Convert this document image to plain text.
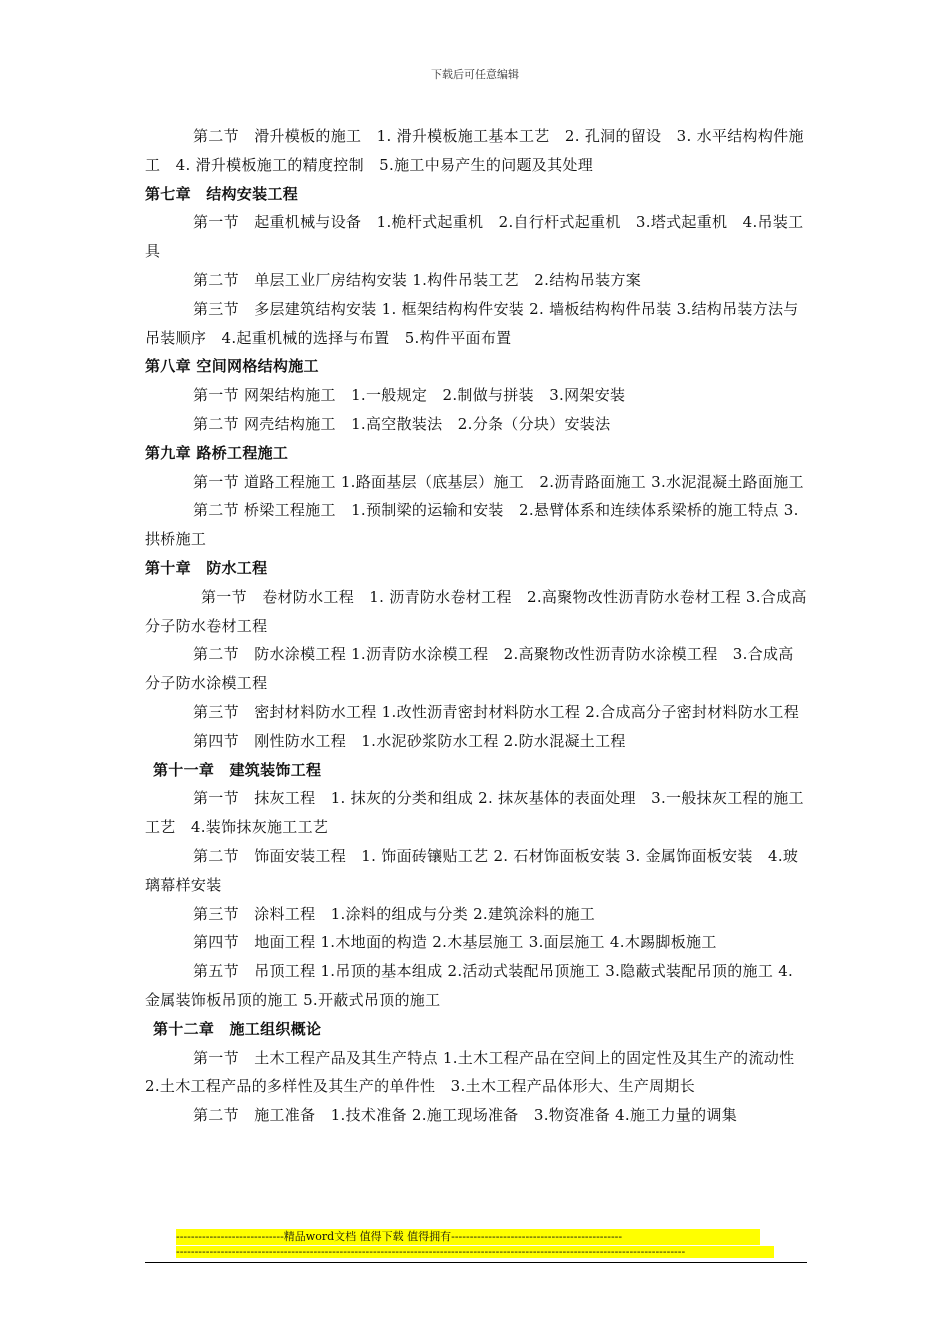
下载后可任意编辑

第二节　滑升模板的施工　1. 滑升模板施工基本工艺　2. 孔洞的留设　3. 水平结构构件施工　4. 滑升模板施工的精度控制　5.施工中易产生的问题及其处理

第七章　结构安装工程

第一节　起重机械与设备　1.桅杆式起重机　2.自行杆式起重机　3.塔式起重机　4.吊装工具

第二节　单层工业厂房结构安装 1.构件吊装工艺　2.结构吊装方案

第三节　多层建筑结构安装 1. 框架结构构件安装 2. 墙板结构构件吊装 3.结构吊装方法与吊装顺序　4.起重机械的选择与布置　5.构件平面布置

第八章 空间网格结构施工

第一节 网架结构施工　1.一般规定　2.制做与拼装　3.网架安装

第二节 网壳结构施工　1.高空散装法　2.分条（分块）安装法

第九章 路桥工程施工

第一节 道路工程施工 1.路面基层（底基层）施工　2.沥青路面施工 3.水泥混凝土路面施工

第二节 桥梁工程施工　1.预制梁的运输和安装　2.悬臂体系和连续体系梁桥的施工特点 3.拱桥施工

第十章　防水工程

第一节　卷材防水工程　1. 沥青防水卷材工程　2.高聚物改性沥青防水卷材工程 3.合成高分子防水卷材工程

第二节　防水涂模工程 1.沥青防水涂模工程　2.高聚物改性沥青防水涂模工程　3.合成高分子防水涂模工程

第三节　密封材料防水工程 1.改性沥青密封材料防水工程 2.合成高分子密封材料防水工程

第四节　刚性防水工程　1.水泥砂浆防水工程 2.防水混凝土工程

第十一章　建筑装饰工程

第一节　抹灰工程　1. 抹灰的分类和组成 2. 抹灰基体的表面处理　3.一般抹灰工程的施工工艺　4.装饰抹灰施工工艺

第二节　饰面安装工程　1. 饰面砖镶贴工艺 2. 石材饰面板安装 3. 金属饰面板安装　4.玻璃幕样安装

第三节　涂料工程　1.涂料的组成与分类 2.建筑涂料的施工

第四节　地面工程 1.木地面的构造 2.木基层施工 3.面层施工 4.木踢脚板施工

第五节　吊顶工程 1.吊顶的基本组成 2.活动式装配吊顶施工 3.隐蔽式装配吊顶的施工 4.金属装饰板吊顶的施工 5.开蔽式吊顶的施工

第十二章　施工组织概论

第一节　土木工程产品及其生产特点 1.土木工程产品在空间上的固定性及其生产的流动性　2.土木工程产品的多样性及其生产的单件性　3.土木工程产品体形大、生产周期长

第二节　施工准备　1.技术准备 2.施工现场准备　3.物资准备 4.施工力量的调集

-----------------------------精品word文档 值得下载 值得拥有----------------------------------------------
-----------------------------------------------------------------------------------------------------------------------------------------
